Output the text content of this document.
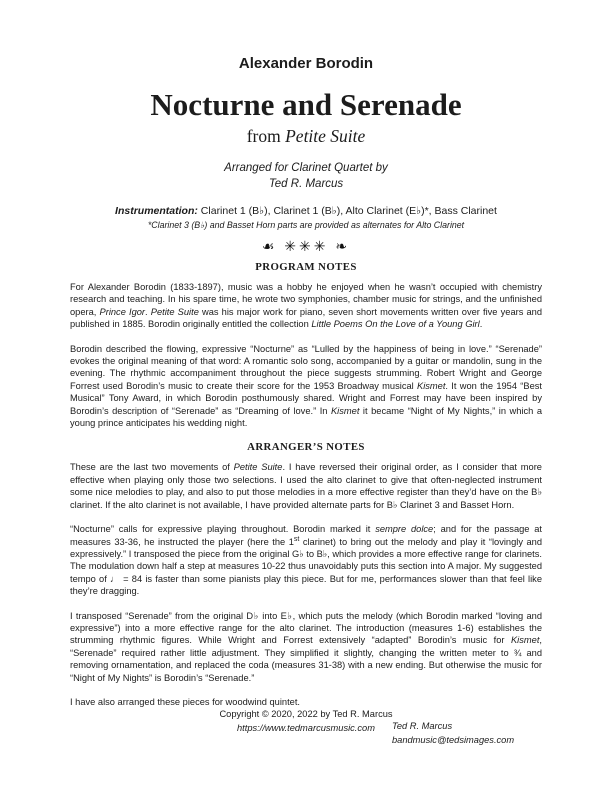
Alexander Borodin
Nocturne and Serenade
from Petite Suite
Arranged for Clarinet Quartet by
Ted R. Marcus
Instrumentation: Clarinet 1 (B♭), Clarinet 1 (B♭), Alto Clarinet (E♭)*, Bass Clarinet
*Clarinet 3 (B♭) and Basset Horn parts are provided as alternates for Alto Clarinet
☙ ✳✳✳ ❧
PROGRAM NOTES

For Alexander Borodin (1833-1897), music was a hobby he enjoyed when he wasn’t occupied with chemistry research and teaching. In his spare time, he wrote two symphonies, chamber music for strings, and the unfinished opera, Prince Igor. Petite Suite was his major work for piano, seven short movements written over five years and published in 1885. Borodin originally entitled the collection Little Poems On the Love of a Young Girl.

Borodin described the flowing, expressive “Nocturne” as “Lulled by the happiness of being in love.” “Serenade” evokes the original meaning of that word: A romantic solo song, accompanied by a guitar or mandolin, sung in the evening. The rhythmic accompaniment throughout the piece suggests strumming. Robert Wright and George Forrest used Borodin’s music to create their score for the 1953 Broadway musical Kismet. It won the 1954 “Best Musical” Tony Award, in which Borodin posthumously shared. Wright and Forrest may have been inspired by Borodin’s description of “Serenade” as “Dreaming of love.” In Kismet it became “Night of My Nights,” in which a young prince anticipates his wedding night.

ARRANGER’S NOTES

These are the last two movements of Petite Suite. I have reversed their original order, as I consider that more effective when playing only those two selections. I used the alto clarinet to give that often-neglected instrument some nice melodies to play, and also to put those melodies in a more effective register than they’d have on the B♭ clarinet. If the alto clarinet is not available, I have provided alternate parts for B♭ Clarinet 3 and Basset Horn.

“Nocturne” calls for expressive playing throughout. Borodin marked it sempre dolce; and for the passage at measures 33-36, he instructed the player (here the 1st clarinet) to bring out the melody and play it “lovingly and expressively.” I transposed the piece from the original G♭ to B♭, which provides a more effective range for clarinets. The modulation down half a step at measures 10-22 thus unavoidably puts this section into A major. My suggested tempo of ♩ = 84 is faster than some pianists play this piece. But for me, performances slower than that feel like they’re dragging.

I transposed “Serenade” from the original D♭ into E♭, which puts the melody (which Borodin marked “loving and expressive”) into a more effective range for the alto clarinet. The introduction (measures 1-6) establishes the strumming rhythmic figures. While Wright and Forrest extensively “adapted” Borodin’s music for Kismet, “Serenade” required rather little adjustment. They simplified it slightly, changing the written meter to ¾ and removing ornamentation, and replaced the coda (measures 31-38) with a new ending. But otherwise the music for “Night of My Nights” is Borodin’s “Serenade.”

I have also arranged these pieces for woodwind quintet.

Ted R. Marcus
bandmusic@tedsimages.com
Copyright © 2020, 2022 by Ted R. Marcus
https://www.tedmarcusmusic.com
